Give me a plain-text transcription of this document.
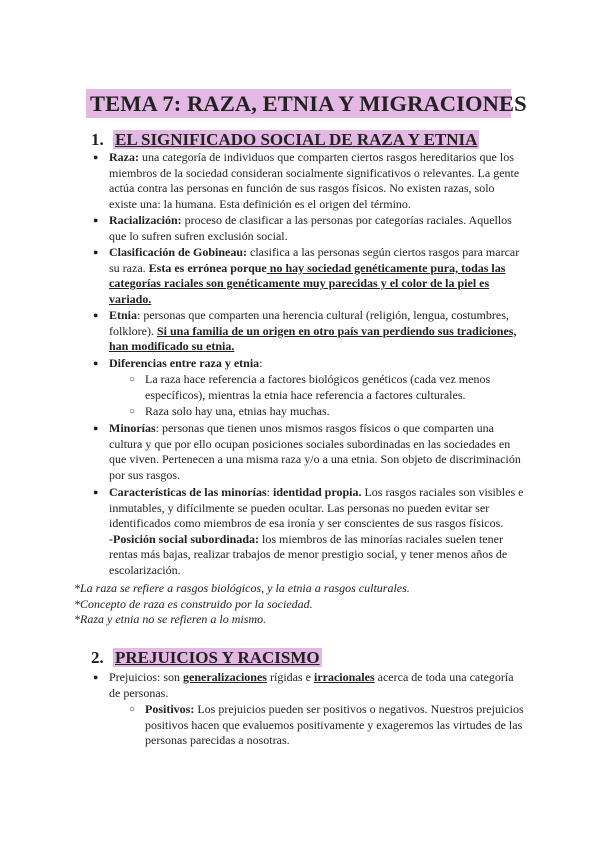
TEMA 7: RAZA, ETNIA Y MIGRACIONES
1. EL SIGNIFICADO SOCIAL DE RAZA Y ETNIA
● Raza: una categoría de individuos que comparten ciertos rasgos hereditarios que los
miembros de la sociedad consideran socialmente significativos o relevantes. La gente
actúa contra las personas en función de sus rasgos físicos. No existen razas, solo
existe una: la humana. Esta definición es el origen del término.
● Racialización: proceso de clasificar a las personas por categorías raciales. Aquellos
que lo sufren sufren exclusión social.
● Clasificación de Gobineau: clasifica a las personas según ciertos rasgos para marcar
su raza. Esta es errónea porque no hay sociedad genéticamente pura, todas las
categorías raciales son genéticamente muy parecidas y el color de la piel es
variado.
● Etnia: personas que comparten una herencia cultural (religión, lengua, costumbres,
folklore). Si una familia de un origen en otro país van perdiendo sus tradiciones,
han modificado su etnia.
● Diferencias entre raza y etnia:
○ La raza hace referencia a factores biológicos genéticos (cada vez menos
específicos), mientras la etnia hace referencia a factores culturales.
○ Raza solo hay una, etnias hay muchas.
● Minorías: personas que tienen unos mismos rasgos físicos o que comparten una
cultura y que por ello ocupan posiciones sociales subordinadas en las sociedades en
que viven. Pertenecen a una misma raza y/o a una etnia. Son objeto de discriminación
por sus rasgos.
● Características de las minorías: identidad propia. Los rasgos raciales son visibles e
inmutables, y difícilmente se pueden ocultar. Las personas no pueden evitar ser
identificados como miembros de esa ironía y ser conscientes de sus rasgos físicos.
-Posición social subordinada: los miembros de las minorías raciales suelen tener
rentas más bajas, realizar trabajos de menor prestigio social, y tener menos años de
escolarización.
*La raza se refiere a rasgos biológicos, y la etnia a rasgos culturales.
*Concepto de raza es construido por la sociedad.
*Raza y etnia no se refieren a lo mismo.
2. PREJUICIOS Y RACISMO
● Prejuicios: son generalizaciones rígidas e irracionales acerca de toda una categoría
de personas.
○ Positivos: Los prejuicios pueden ser positivos o negativos. Nuestros prejuicios
positivos hacen que evaluemos positivamente y exageremos las virtudes de las
personas parecidas a nosotras.
